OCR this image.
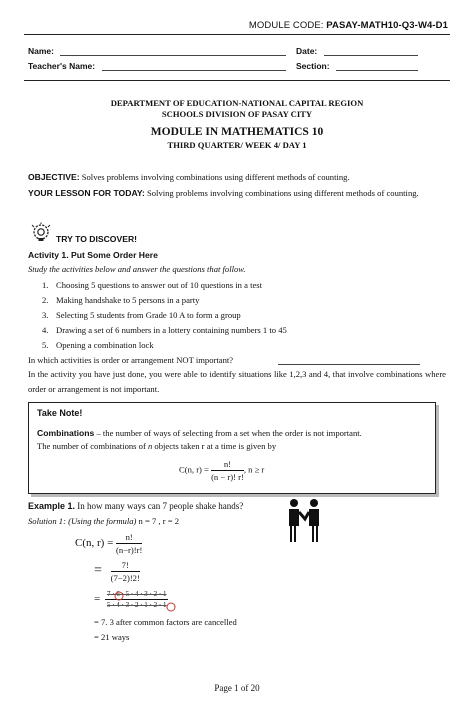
MODULE CODE: PASAY-MATH10-Q3-W4-D1
Name:	Date:
Teacher's Name:	Section:
DEPARTMENT OF EDUCATION-NATIONAL CAPITAL REGION
SCHOOLS DIVISION OF PASAY CITY
MODULE IN MATHEMATICS 10
THIRD QUARTER/ WEEK 4/ DAY 1
OBJECTIVE: Solves problems involving combinations using different methods of counting.
YOUR LESSON FOR TODAY: Solving problems involving combinations using different methods of counting.
TRY TO DISCOVER!
Activity 1. Put Some Order Here
Study the activities below and answer the questions that follow.
1. Choosing 5 questions to answer out of 10 questions in a test
2. Making handshake to 5 persons in a party
3. Selecting 5 students from Grade 10 A to form a group
4. Drawing a set of 6 numbers in a lottery containing numbers 1 to 45
5. Opening a combination lock
In which activities is order or arrangement NOT important?
In the activity you have just done, you were able to identify situations like 1,2,3 and 4, that involve combinations where order or arrangement is not important.
Take Note!
Combinations – the number of ways of selecting from a set when the order is not important.
The number of combinations of n objects taken r at a time is given by
C(n, $r) = \frac{n!}{(n - r)! r!}$ , n ≥ r
Example 1. In how many ways can 7 people shake hands?
Solution 1: (Using the formula) n = 7 , r = 2
C(n, $r) = \frac{n!}{(n-r)!r!}$
= $\frac{7!}{(7-2)!2!}$
= $\frac{7 \cdot 6 \cdot 5 \cdot 4 \cdot 3 \cdot 2 \cdot 1}{5 \cdot 4 \cdot 3 \cdot 2 \cdot 1 \cdot 2 \cdot 1}$
= 7. 3 after common factors are cancelled
= 21 ways
Page 1 of 20
